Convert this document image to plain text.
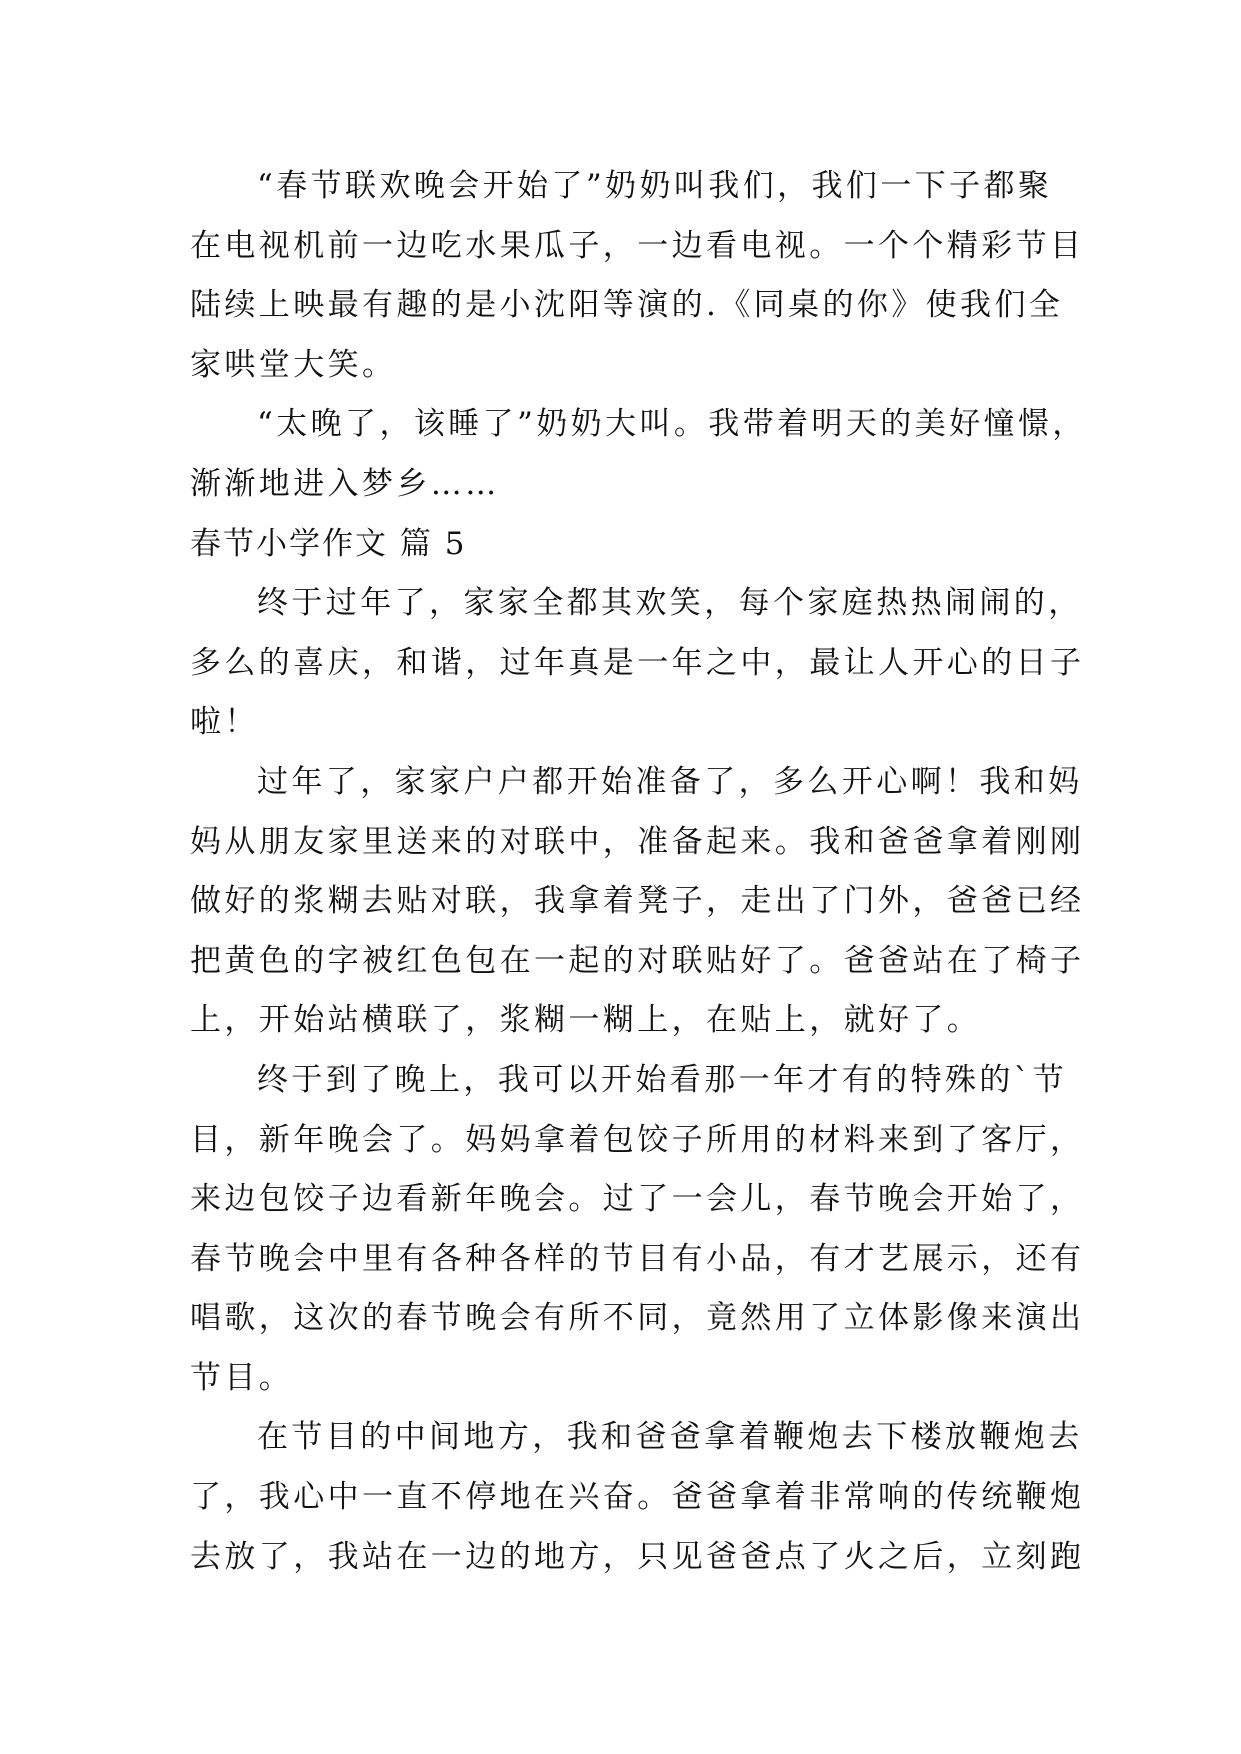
“春节联欢晚会开始了”奶奶叫我们，我们一下子都聚
在电视机前一边吃水果瓜子，一边看电视。一个个精彩节目
陆续上映最有趣的是小沈阳等演的.《同桌的你》使我们全
家哄堂大笑。
“太晚了，该睡了”奶奶大叫。我带着明天的美好憧憬，
渐渐地进入梦乡……
春节小学作文 篇 5
终于过年了，家家全都其欢笑，每个家庭热热闹闹的，
多么的喜庆，和谐，过年真是一年之中，最让人开心的日子
啦！
过年了，家家户户都开始准备了，多么开心啊！我和妈
妈从朋友家里送来的对联中，准备起来。我和爸爸拿着刚刚
做好的浆糊去贴对联，我拿着凳子，走出了门外，爸爸已经
把黄色的字被红色包在一起的对联贴好了。爸爸站在了椅子
上，开始站横联了，浆糊一糊上，在贴上，就好了。
终于到了晚上，我可以开始看那一年才有的特殊的`节
目，新年晚会了。妈妈拿着包饺子所用的材料来到了客厅，
来边包饺子边看新年晚会。过了一会儿，春节晚会开始了，
春节晚会中里有各种各样的节目有小品，有才艺展示，还有
唱歌，这次的春节晚会有所不同，竟然用了立体影像来演出
节目。
在节目的中间地方，我和爸爸拿着鞭炮去下楼放鞭炮去
了，我心中一直不停地在兴奋。爸爸拿着非常响的传统鞭炮
去放了，我站在一边的地方，只见爸爸点了火之后，立刻跑
